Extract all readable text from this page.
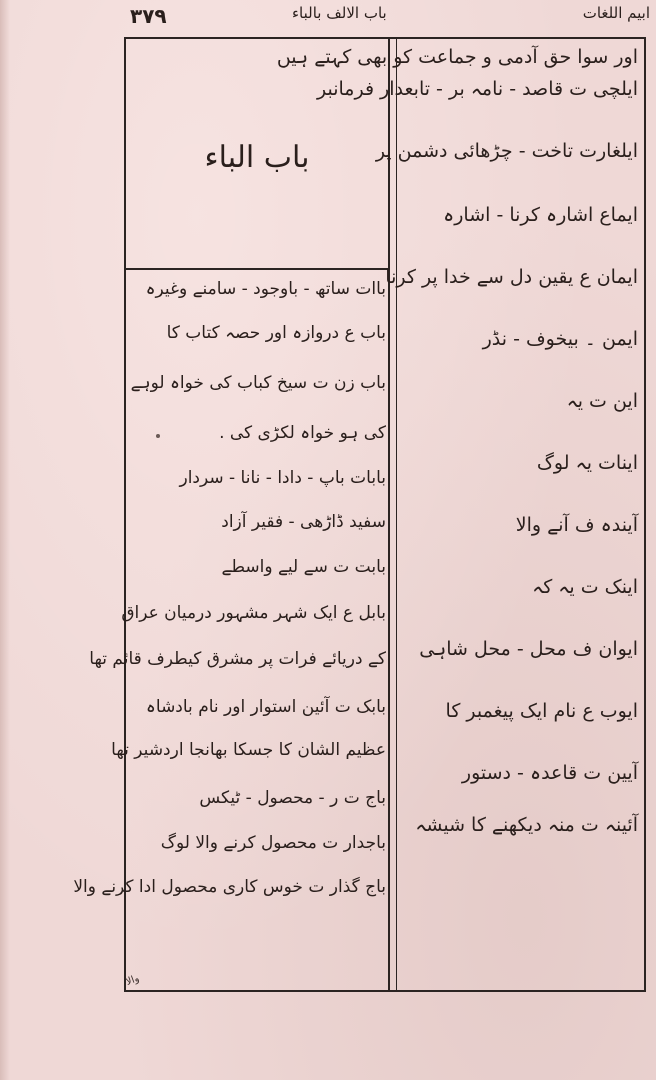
۳۷۹	باب الالف بالباء	ابیم اللغات
باب الباء
اور سوا حق آدمی و جماعت کو بھی کہتے ہیں
ایلچی ت قاصد - نامہ بر - تابعدار فرمانبر
ایلغارت تاخت - چڑھائی دشمن پر
ایماع اشارہ کرنا - اشارہ
ایمان ع یقین دل سے خدا پر کرنا
ایمن ۔ بیخوف - نڈر
این ت یہ
اینات یہ لوگ
آیندہ ف آنے والا
اینک ت یہ کہ
ایوان ف محل - محل شاہی
ایوب ع نام ایک پیغمبر کا
آیین ت قاعدہ - دستور
آئینہ ت منہ دیکھنے کا شیشہ
باات ساتھ - باوجود - سامنے وغیرہ
باب ع دروازہ اور حصہ کتاب کا
باب زن ت سیخ کباب کی خواہ لوہے
کی ہو خواہ لکڑی کی .
بابات باپ - دادا - نانا - سردار
سفید ڈاڑھی - فقیر آزاد
بابت ت سے لیے واسطے
بابل ع ایک شہر مشہور درمیان عراق
کے دریائے فرات پر مشرق کیطرف قائم تھا
بابک ت آئین استوار اور نام بادشاہ
عظیم الشان کا جسکا بھانجا اردشیر تھا
باج ت ر - محصول - ٹیکس
باجدار ت محصول کرنے والا لوگ
باج گذار ت خوس کاری محصول ادا کرنے والا
والا
